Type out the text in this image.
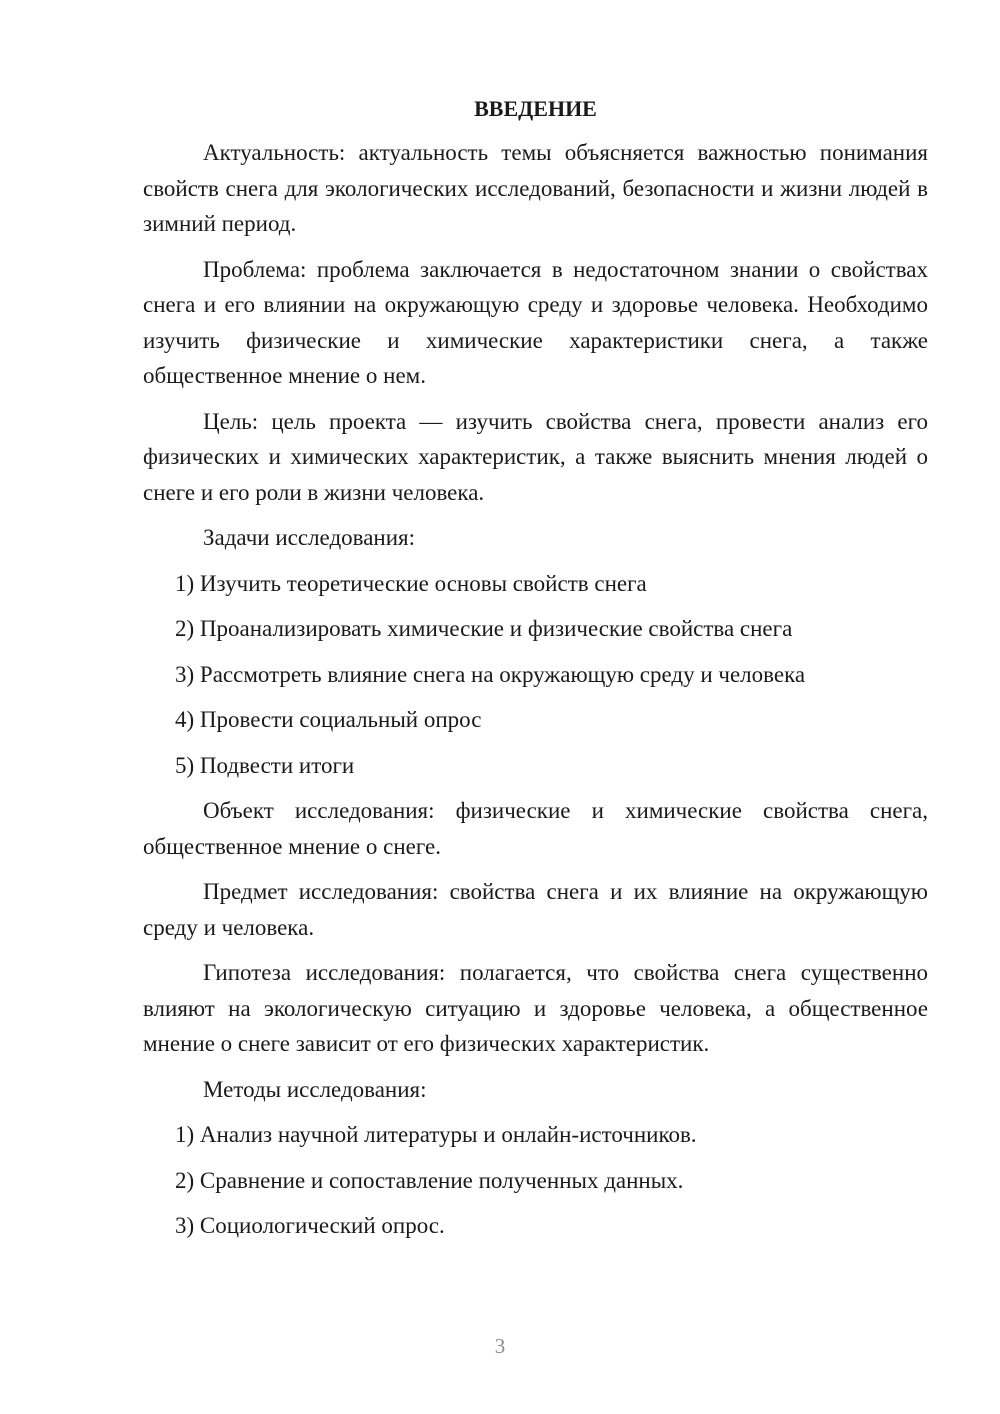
ВВЕДЕНИЕ

Актуальность: актуальность темы объясняется важностью понимания свойств снега для экологических исследований, безопасности и жизни людей в зимний период.

Проблема: проблема заключается в недостаточном знании о свойствах снега и его влиянии на окружающую среду и здоровье человека. Необходимо изучить физические и химические характеристики снега, а также общественное мнение о нем.

Цель: цель проекта — изучить свойства снега, провести анализ его физических и химических характеристик, а также выяснить мнения людей о снеге и его роли в жизни человека.

Задачи исследования:

1) Изучить теоретические основы свойств снега
2) Проанализировать химические и физические свойства снега
3) Рассмотреть влияние снега на окружающую среду и человека
4) Провести социальный опрос
5) Подвести итоги

Объект исследования: физические и химические свойства снега, общественное мнение о снеге.

Предмет исследования: свойства снега и их влияние на окружающую среду и человека.

Гипотеза исследования: полагается, что свойства снега существенно влияют на экологическую ситуацию и здоровье человека, а общественное мнение о снеге зависит от его физических характеристик.

Методы исследования:

1) Анализ научной литературы и онлайн-источников.
2) Сравнение и сопоставление полученных данных.
3) Социологический опрос.
3
